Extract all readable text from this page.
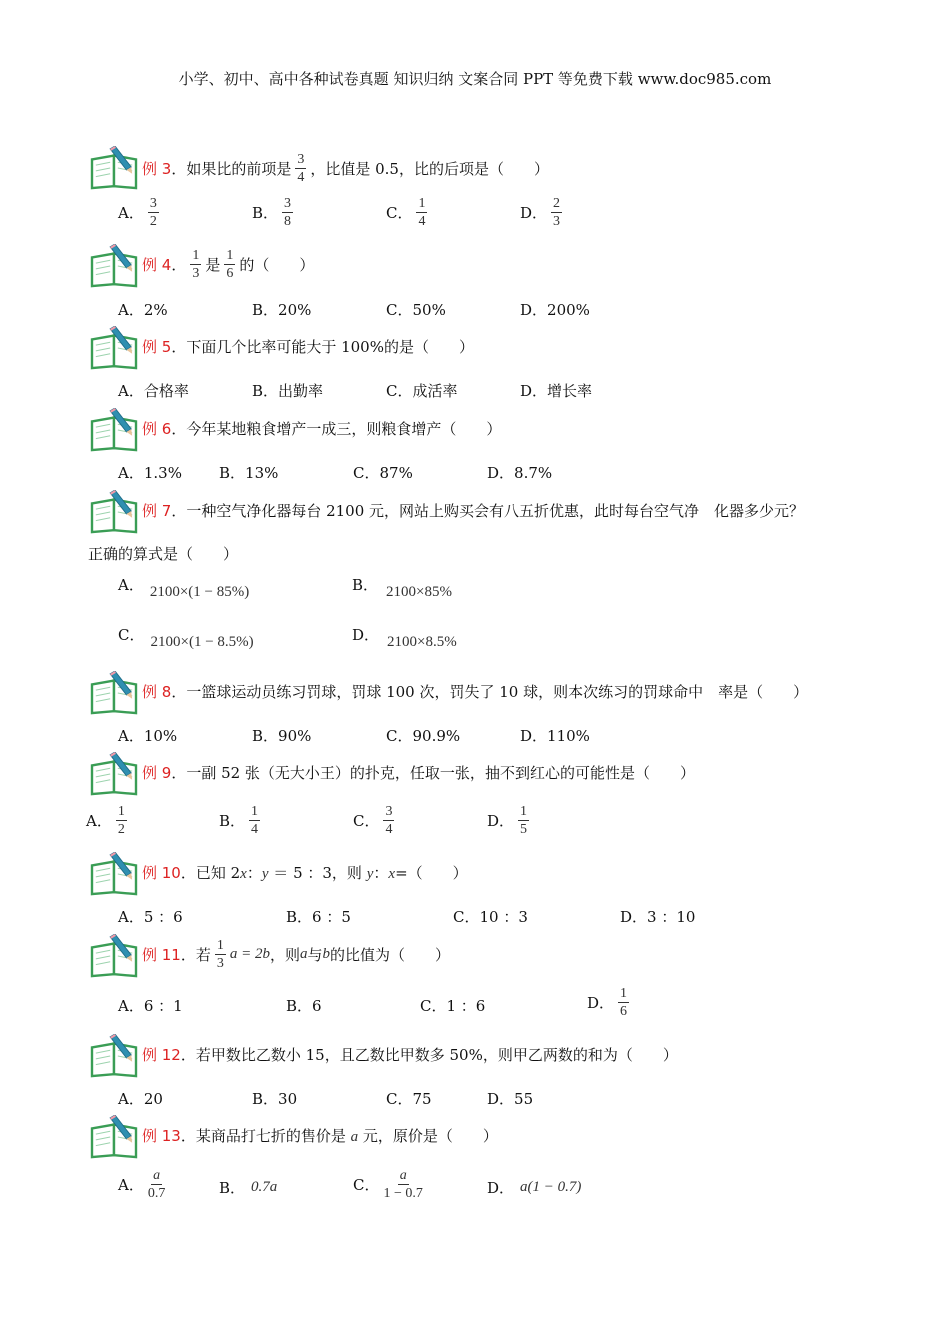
小学、初中、高中各种试卷真题 知识归纳 文案合同 PPT 等免费下载 www.doc985.com
例 3 ．如果比的前项是 $\frac{3}{4}$ ，比值是 0.5，比的后项是（　　）
A． $\frac{3}{2}$	B． $\frac{3}{8}$	C． $\frac{1}{4}$	D． $\frac{2}{3}$
例 4 ． $\frac{1}{3}$ 是 $\frac{1}{6}$ 的（　　）
A．2%	B．20%	C．50%	D．200%
例 5．下面几个比率可能大于 100%的是（　　）
A．合格率	B．出勤率	C．成活率	D．增长率
例 6．今年某地粮食增产一成三，则粮食增产（　　）
A．1.3% B．13%	C．87%	D．8.7%
例 7．一种空气净化器每台 2100 元，网站上购买会有八五折优惠，此时每台空气净　化器多少元？
正确的算式是（　　）
A． 2100×(1 − 85%)	B． 2100×85%
C． 2100×(1 − 8.5%)	D． 2100×8.5%
例 8．一篮球运动员练习罚球，罚球 100 次，罚失了 10 球，则本次练习的罚球命中　率是（　　）
A．10%	B．90%	C．90.9%	D．110%
例 9．一副 52 张（无大小王）的扑克，任取一张，抽不到红心的可能性是（　　）
A． $\frac{1}{2}$	B． $\frac{1}{4}$	C． $\frac{3}{4}$	D． $\frac{1}{5}$
例 10．已知 2x：y ＝ 5 ：3，则 y：x=（　　）
A．5 ：6	B．6 ：5	C．10 ：3	D．3 ：10
例 11 ．若 $\frac{1}{3}$ a = 2b ，则 a 与 b 的比值为（　　）
A．6 ：1	B．6	C．1 ：6	D． $\frac{1}{6}$
例 12．若甲数比乙数小 15，且乙数比甲数多 50%，则甲乙两数的和为（　　）
A．20	B．30	C．75	D．55
例 13．某商品打七折的售价是 a 元，原价是（　　）
A． $\frac{a}{0.7}$	B． 0.7a	C． $\frac{a}{1 - 0.7}$	D． a(1 − 0.7)
